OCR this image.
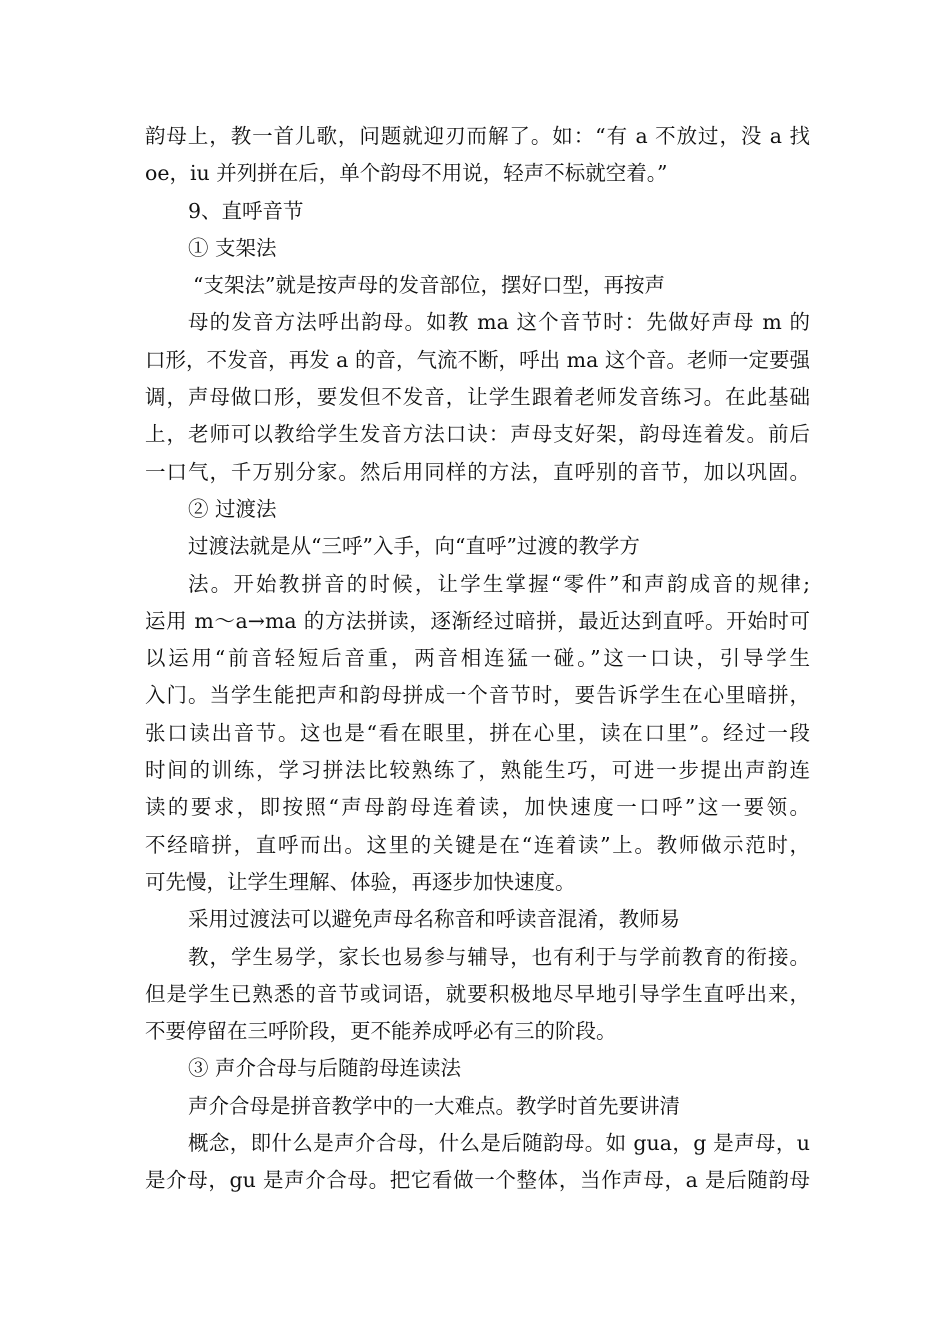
韵母上，教一首儿歌，问题就迎刃而解了。如：“有 a 不放过，没 a 找
oe，iu 并列拼在后，单个韵母不用说，轻声不标就空着。”
9、直呼音节
① 支架法
“支架法”就是按声母的发音部位，摆好口型，再按声
母的发音方法呼出韵母。如教 ma 这个音节时：先做好声母 m 的
口形，不发音，再发 a 的音，气流不断，呼出 ma 这个音。老师一定要强
调，声母做口形，要发但不发音，让学生跟着老师发音练习。在此基础
上，老师可以教给学生发音方法口诀：声母支好架，韵母连着发。前后
一口气，千万别分家。然后用同样的方法，直呼别的音节，加以巩固。
② 过渡法
过渡法就是从“三呼”入手，向“直呼”过渡的教学方
法。开始教拼音的时候，让学生掌握“零件”和声韵成音的规律;
运用 m～a→ma 的方法拼读，逐渐经过暗拼，最近达到直呼。开始时可
以运用“前音轻短后音重，两音相连猛一碰。”这一口诀，引导学生
入门。当学生能把声和韵母拼成一个音节时，要告诉学生在心里暗拼，
张口读出音节。这也是“看在眼里，拼在心里，读在口里”。经过一段
时间的训练，学习拼法比较熟练了，熟能生巧，可进一步提出声韵连
读的要求，即按照“声母韵母连着读，加快速度一口呼”这一要领。
不经暗拼，直呼而出。这里的关键是在“连着读”上。教师做示范时，
可先慢，让学生理解、体验，再逐步加快速度。
采用过渡法可以避免声母名称音和呼读音混淆，教师易
教，学生易学，家长也易参与辅导，也有利于与学前教育的衔接。
但是学生已熟悉的音节或词语，就要积极地尽早地引导学生直呼出来，
不要停留在三呼阶段，更不能养成呼必有三的阶段。
③ 声介合母与后随韵母连读法
声介合母是拼音教学中的一大难点。教学时首先要讲清
概念，即什么是声介合母，什么是后随韵母。如 gua，g 是声母，u
是介母，gu 是声介合母。把它看做一个整体，当作声母，a 是后随韵母
